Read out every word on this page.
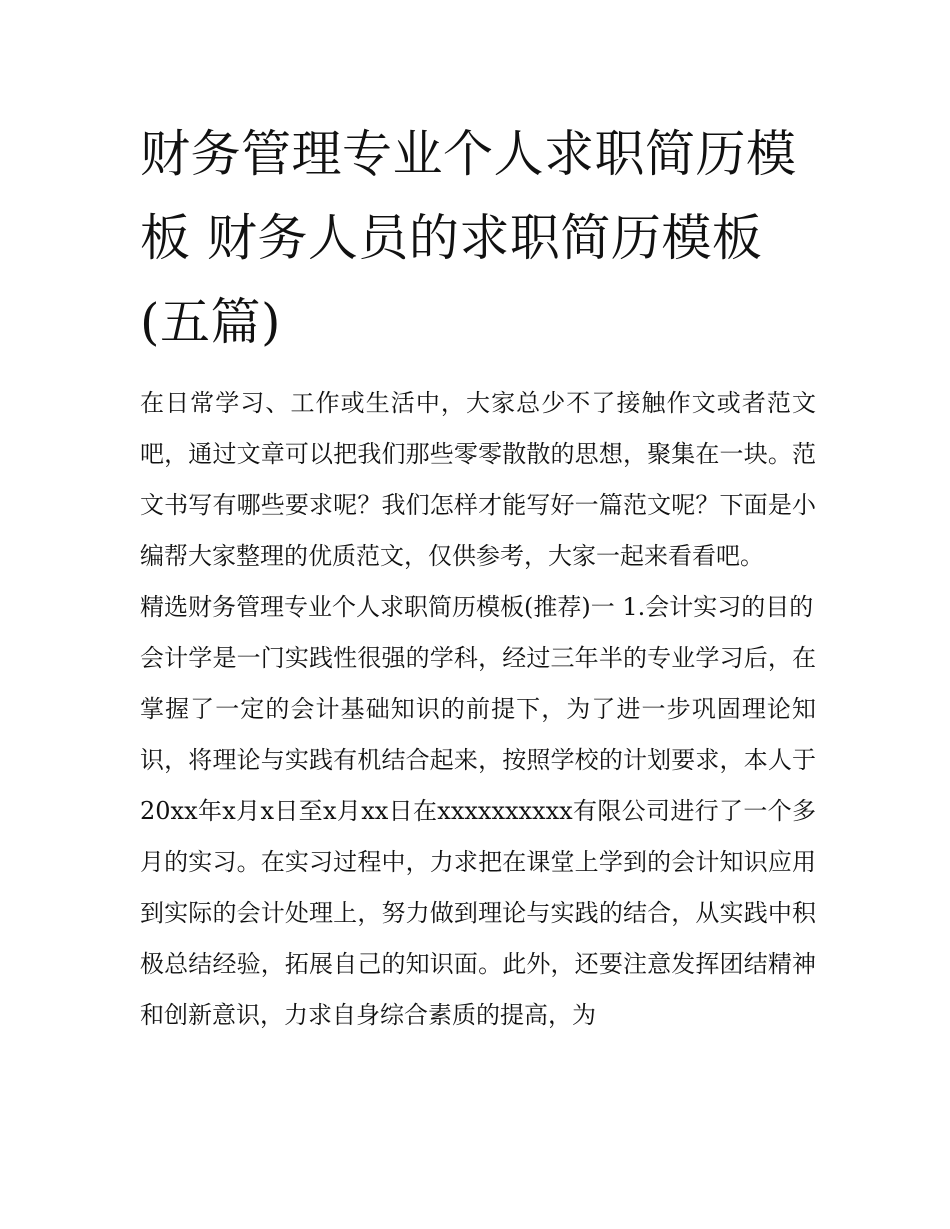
财务管理专业个人求职简历模板 财务人员的求职简历模板(五篇)

在日常学习、工作或生活中，大家总少不了接触作文或者范文吧，通过文章可以把我们那些零零散散的思想，聚集在一块。范文书写有哪些要求呢？我们怎样才能写好一篇范文呢？下面是小编帮大家整理的优质范文，仅供参考，大家一起来看看吧。

精选财务管理专业个人求职简历模板(推荐)一 1.会计实习的目的

会计学是一门实践性很强的学科，经过三年半的专业学习后，在掌握了一定的会计基础知识的前提下，为了进一步巩固理论知识，将理论与实践有机结合起来，按照学校的计划要求，本人于20xx年x月x日至x月xx日在xxxxxxxxxx有限公司进行了一个多月的实习。在实习过程中，力求把在课堂上学到的会计知识应用到实际的会计处理上，努力做到理论与实践的结合，从实践中积极总结经验，拓展自己的知识面。此外，还要注意发挥团结精神和创新意识，力求自身综合素质的提高，为
